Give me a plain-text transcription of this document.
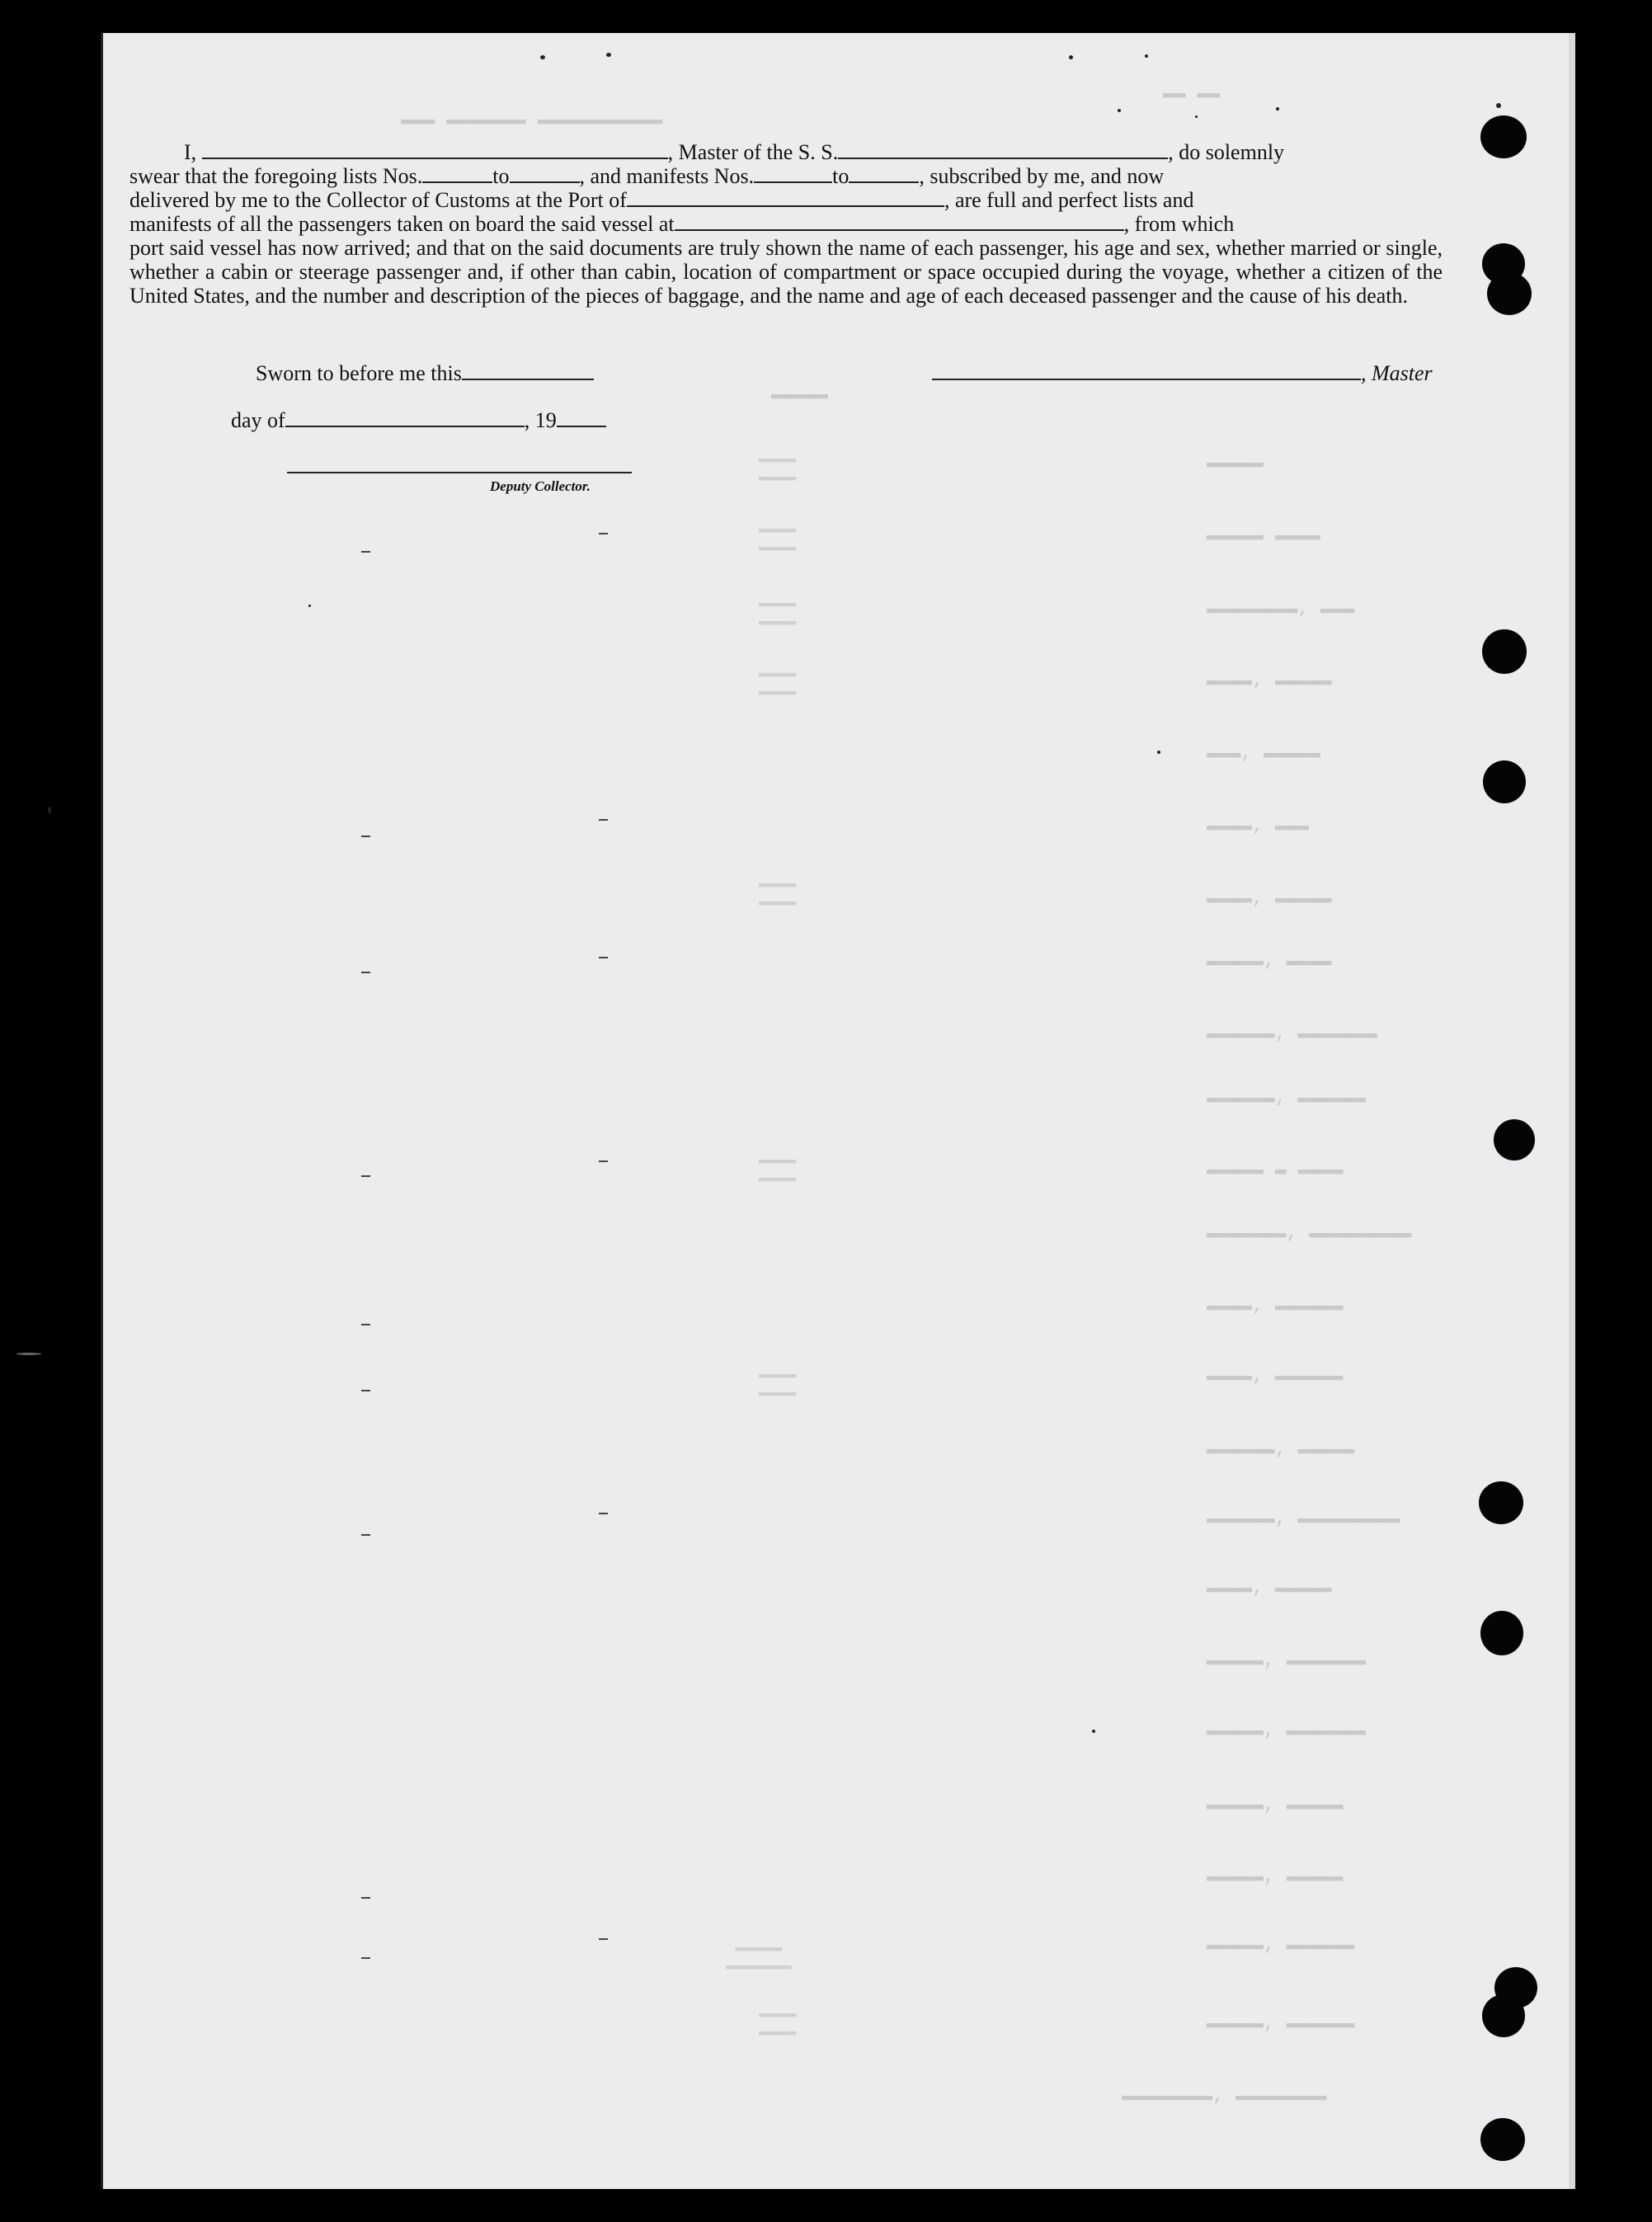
I,	, Master of the S. S.	, do solemnly

swear that the foregoing lists Nos.	to	, and manifests Nos.	to	, subscribed by me, and now
delivered by me to the Collector of Customs at the Port of	, are full and perfect lists and
manifests of all the passengers taken on board the said vessel at	, from which
port said vessel has now arrived; and that on the said documents are truly shown the name of each passenger, his age and sex, whether married or single, whether a cabin or steerage passenger and, if other than cabin, location of compartment or space occupied during the voyage, whether a citizen of the United States, and the number and description of the pieces of baggage, and the name and age of each deceased passenger and the cause of his death.
Sworn to before me this	, Master
day of	, 19
Deputy Collector.
▬▬ ▬▬
▬▬▬ ▬▬▬▬▬▬▬ ▬▬▬▬▬▬▬▬▬▬▬
▬▬▬▬▬
▬▬▬▬▬
▬▬▬▬▬ ▬▬▬▬
▬▬▬▬▬▬▬▬, ▬▬▬
▬▬▬▬, ▬▬▬▬▬
▬▬▬, ▬▬▬▬▬
▬▬▬▬, ▬▬▬
▬▬▬▬, ▬▬▬▬▬
▬▬▬▬▬, ▬▬▬▬
▬▬▬▬▬▬, ▬▬▬▬▬▬▬
▬▬▬▬▬▬, ▬▬▬▬▬▬
▬▬▬▬▬ ▬ ▬▬▬▬
▬▬▬▬▬▬▬, ▬▬▬▬▬▬▬▬▬
▬▬▬▬, ▬▬▬▬▬▬
▬▬▬▬, ▬▬▬▬▬▬
▬▬▬▬▬▬, ▬▬▬▬▬
▬▬▬▬▬▬, ▬▬▬▬▬▬▬▬▬
▬▬▬▬, ▬▬▬▬▬
▬▬▬▬▬, ▬▬▬▬▬▬▬
▬▬▬▬▬, ▬▬▬▬▬▬▬
▬▬▬▬▬, ▬▬▬▬▬
▬▬▬▬▬, ▬▬▬▬▬
▬▬▬▬▬, ▬▬▬▬▬▬
▬▬▬▬▬, ▬▬▬▬▬▬
▬▬▬▬▬▬▬▬, ▬▬▬▬▬▬▬▬
▬▬▬▬
▬▬▬▬
▬▬▬▬
▬▬▬▬
▬▬▬▬
▬▬▬▬
▬▬▬▬
▬▬▬▬
▬▬▬▬
▬▬▬▬
▬▬▬▬
▬▬▬▬
▬▬▬▬
▬▬▬▬
▬▬▬▬▬
▬▬▬▬▬▬▬
▬▬▬▬
▬▬▬▬
